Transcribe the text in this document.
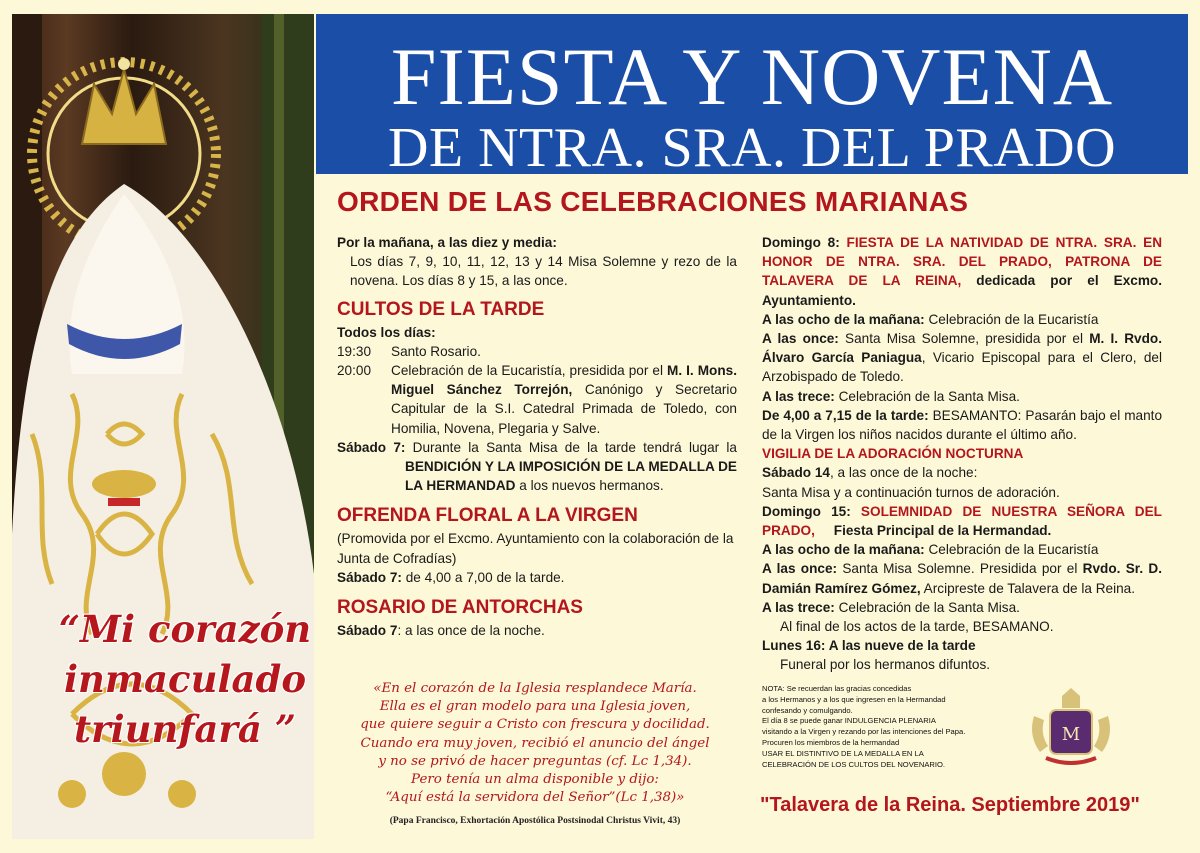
“Mi corazón
inmaculado
triunfará ”
FIESTA Y NOVENA
DE NTRA. SRA. DEL PRADO
ORDEN DE LAS CELEBRACIONES MARIANAS
Por la mañana, a las diez y media:
Los días 7, 9, 10, 11, 12, 13 y 14 Misa Solemne y rezo de la novena. Los días 8 y 15, a las once.
CULTOS DE LA TARDE
Todos los días:
19:30	Santo Rosario.
20:00	Celebración de la Eucaristía, presidida por el M. I. Mons. Miguel Sánchez Torrejón, Canónigo y Secretario Capitular de la S.I. Catedral Primada de Toledo, con Homilia, Novena, Plegaria y Salve.
Sábado 7: Durante la Santa Misa de la tarde tendrá lugar la BENDICIÓN Y LA IMPOSICIÓN DE LA MEDALLA DE LA HERMANDAD a los nuevos hermanos.
OFRENDA FLORAL A LA VIRGEN
(Promovida por el Excmo. Ayuntamiento con la colaboración de la Junta de Cofradías)
Sábado 7: de 4,00 a 7,00 de la tarde.
ROSARIO DE ANTORCHAS
Sábado 7: a las once de la noche.
«En el corazón de la Iglesia resplandece María.
Ella es el gran modelo para una Iglesia joven,
que quiere seguir a Cristo con frescura y docilidad.
Cuando era muy joven, recibió el anuncio del ángel
y no se privó de hacer preguntas (cf. Lc 1,34).
Pero tenía un alma disponible y dijo:
“Aquí está la servidora del Señor”(Lc 1,38)»
(Papa Francisco, Exhortación Apostólica Postsinodal Christus Vivit, 43)
Domingo 8: FIESTA DE LA NATIVIDAD DE NTRA. SRA. EN HONOR DE NTRA. SRA. DEL PRADO, PATRONA DE TALAVERA DE LA REINA, dedicada por el Excmo. Ayuntamiento.
A las ocho de la mañana: Celebración de la Eucaristía
A las once: Santa Misa Solemne, presidida por el M. I. Rvdo. Álvaro García Paniagua, Vicario Episcopal para el Clero, del Arzobispado de Toledo.
A las trece: Celebración de la Santa Misa.
De 4,00 a 7,15 de la tarde: BESAMANTO: Pasarán bajo el manto de la Virgen los niños nacidos durante el último año.
VIGILIA DE LA ADORACIÓN NOCTURNA
Sábado 14, a las once de la noche:
Santa Misa y a continuación turnos de adoración.
Domingo 15: SOLEMNIDAD DE NUESTRA SEÑORA DEL PRADO,     Fiesta Principal de la Hermandad.
A las ocho de la mañana: Celebración de la Eucaristía
A las once: Santa Misa Solemne. Presidida por el Rvdo. Sr. D. Damián Ramírez Gómez, Arcipreste de Talavera de la Reina.
A las trece: Celebración de la Santa Misa.
Al final de los actos de la tarde, BESAMANO.
Lunes 16: A las nueve de la tarde
Funeral por los hermanos difuntos.
NOTA: Se recuerdan las gracias concedidas
a los Hermanos y a los que ingresen en la Hermandad
confesando y comulgando.
El día 8 se puede ganar INDULGENCIA PLENARIA
visitando a la Virgen y rezando por las intenciones del Papa.
Procuren los miembros de la hermandad
USAR EL DISTINTIVO DE LA MEDALLA EN LA
CELEBRACIÓN DE LOS CULTOS DEL NOVENARIO.
M
"Talavera de la Reina. Septiembre 2019"
